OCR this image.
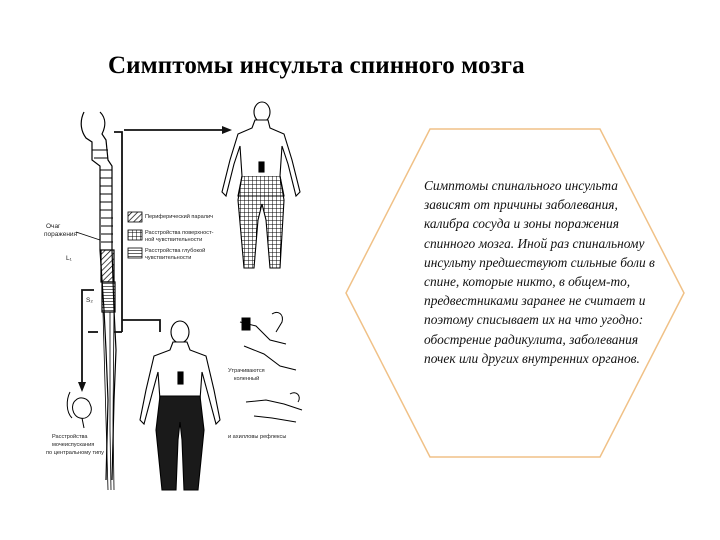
Симптомы инсульта спинного мозга
Очаг
поражения
L₁
S₂
Периферический паралич
Расстройства поверхност-
ной чувствительности
Расстройства глубокой
чувствительности
Утрачиваются
коленный
и ахилловы рефлексы
Расстройства
мочеиспускания
по центральному типу
Симптомы спинального инсульта зависят от причины заболевания, калибра сосуда и зоны поражения спинного мозга. Иной раз спинальному инсульту предшествуют сильные боли в спине, которые никто, в общем-то, предвестниками заранее не считает и поэтому списывает их на что угодно: обострение радикулита, заболевания почек или других внутренних органов.
